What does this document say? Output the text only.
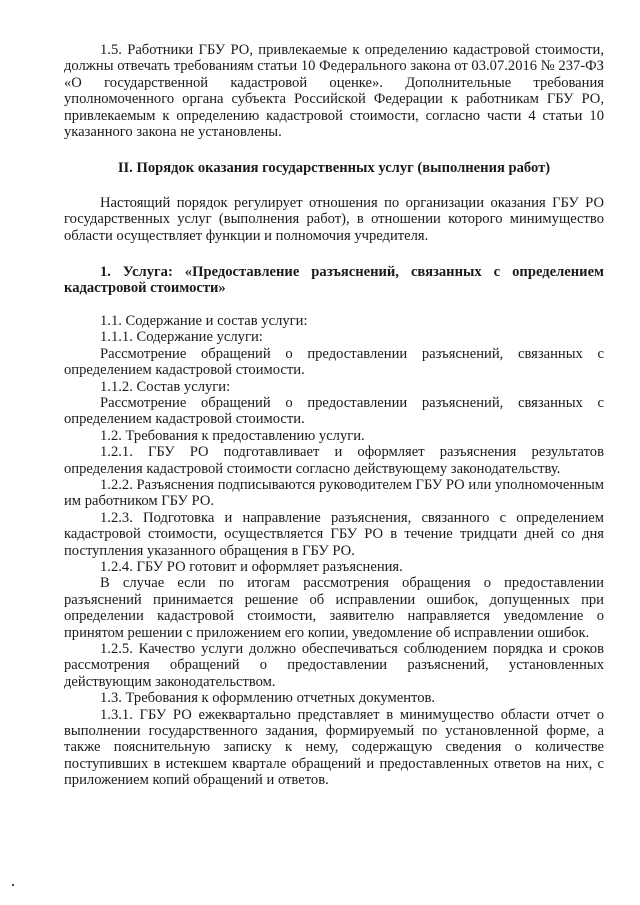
1.5. Работники ГБУ РО, привлекаемые к определению кадастровой стоимости, должны отвечать требованиям статьи 10 Федерального закона от 03.07.2016 № 237-ФЗ «О государственной кадастровой оценке». Дополнительные требования уполномоченного органа субъекта Российской Федерации к работникам ГБУ РО, привлекаемым к определению кадастровой стоимости, согласно части 4 статьи 10 указанного закона не установлены.

II. Порядок оказания государственных услуг (выполнения работ)

Настоящий порядок регулирует отношения по организации оказания ГБУ РО государственных услуг (выполнения работ), в отношении которого минимущество области осуществляет функции и полномочия учредителя.

1. Услуга: «Предоставление разъяснений, связанных с определением кадастровой стоимости»

1.1. Содержание и состав услуги:

1.1.1. Содержание услуги:

Рассмотрение обращений о предоставлении разъяснений, связанных с определением кадастровой стоимости.

1.1.2. Состав услуги:

Рассмотрение обращений о предоставлении разъяснений, связанных с определением кадастровой стоимости.

1.2. Требования к предоставлению услуги.

1.2.1. ГБУ РО подготавливает и оформляет разъяснения результатов определения кадастровой стоимости согласно действующему законодательству.

1.2.2. Разъяснения подписываются руководителем ГБУ РО или уполномоченным им работником ГБУ РО.

1.2.3. Подготовка и направление разъяснения, связанного с определением кадастровой стоимости, осуществляется ГБУ РО в течение тридцати дней со дня поступления указанного обращения в ГБУ РО.

1.2.4. ГБУ РО готовит и оформляет разъяснения.

В случае если по итогам рассмотрения обращения о предоставлении разъяснений принимается решение об исправлении ошибок, допущенных при определении кадастровой стоимости, заявителю направляется уведомление о принятом решении с приложением его копии, уведомление об исправлении ошибок.

1.2.5. Качество услуги должно обеспечиваться соблюдением порядка и сроков рассмотрения обращений о предоставлении разъяснений, установленных действующим законодательством.

1.3. Требования к оформлению отчетных документов.

1.3.1. ГБУ РО ежеквартально представляет в минимущество области отчет о выполнении государственного задания, формируемый по установленной форме, а также пояснительную записку к нему, содержащую сведения о количестве поступивших в истекшем квартале обращений и предоставленных ответов на них, с приложением копий обращений и ответов.
